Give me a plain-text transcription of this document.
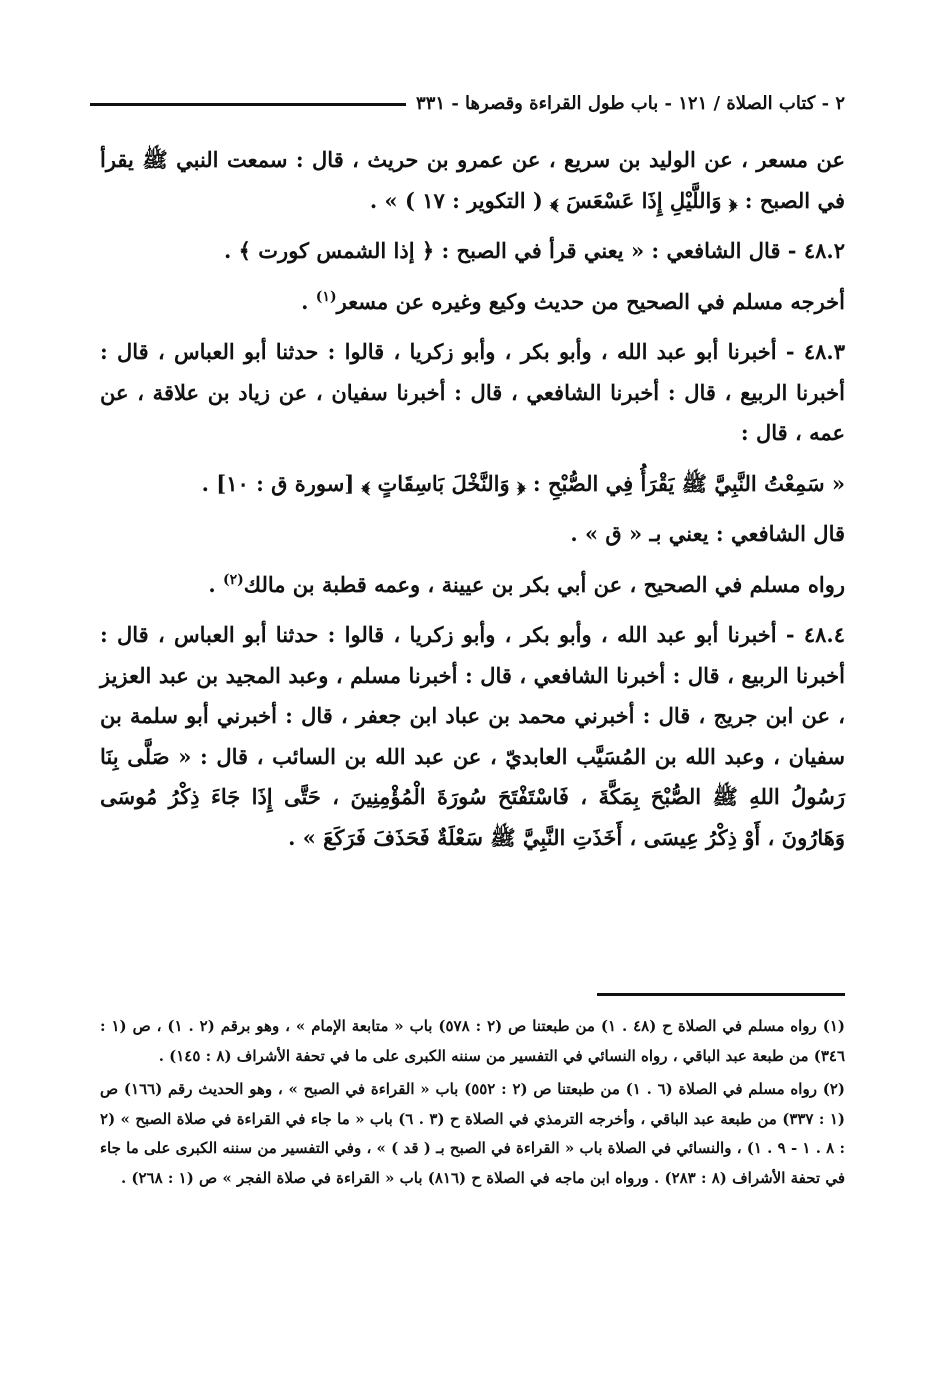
٢ - كتاب الصلاة / ١٢١ - باب طول القراءة وقصرها - ٣٣١

عن مسعر ، عن الوليد بن سريع ، عن عمرو بن حريث ، قال : سمعت النبي ﷺ يقرأ في الصبح : ﴿ وَاللَّيْلِ إِذَا عَسْعَسَ ﴾ ( التكوير : ١٧ ) » .

٤٨.٢ - قال الشافعي : « يعني قرأ في الصبح : ﴿ إذا الشمس كورت ﴾ .

أخرجه مسلم في الصحيح من حديث وكيع وغيره عن مسعر$^{(١)}$ .

٤٨.٣ - أخبرنا أبو عبد الله ، وأبو بكر ، وأبو زكريا ، قالوا : حدثنا أبو العباس ، قال : أخبرنا الربيع ، قال : أخبرنا الشافعي ، قال : أخبرنا سفيان ، عن زياد بن علاقة ، عن عمه ، قال :

« سَمِعْتُ النَّبِيَّ ﷺ يَقْرَأُ فِي الصُّبْحِ : ﴿ وَالنَّخْلَ بَاسِقَاتٍ ﴾ [سورة ق : ١٠] .

قال الشافعي : يعني بـ « ق » .

رواه مسلم في الصحيح ، عن أبي بكر بن عيينة ، وعمه قطبة بن مالك$^{(٢)}$ .

٤٨.٤ - أخبرنا أبو عبد الله ، وأبو بكر ، وأبو زكريا ، قالوا : حدثنا أبو العباس ، قال : أخبرنا الربيع ، قال : أخبرنا الشافعي ، قال : أخبرنا مسلم ، وعبد المجيد بن عبد العزيز ، عن ابن جريج ، قال : أخبرني محمد بن عباد ابن جعفر ، قال : أخبرني أبو سلمة بن سفيان ، وعبد الله بن المُسَيَّب العابديّ ، عن عبد الله بن السائب ، قال : « صَلَّى بِنَا رَسُولُ اللهِ ﷺ الصُّبْحَ بِمَكَّةَ ، فَاسْتَفْتَحَ سُورَةَ الْمُؤْمِنِينَ ، حَتَّى إِذَا جَاءَ ذِكْرُ مُوسَى وَهَارُونَ ، أَوْ ذِكْرُ عِيسَى ، أَخَذَتِ النَّبِيَّ ﷺ سَعْلَةٌ فَحَذَفَ فَرَكَعَ » .

(١) رواه مسلم في الصلاة ح (٤٨ . ١) من طبعتنا ص (٢ : ٥٧٨) باب « متابعة الإمام » ، وهو برقم (٢ . ١) ، ص (١ : ٣٤٦) من طبعة عبد الباقي ، رواه النسائي في التفسير من سننه الكبرى على ما في تحفة الأشراف (٨ : ١٤٥) .

(٢) رواه مسلم في الصلاة (٦ . ١) من طبعتنا ص (٢ : ٥٥٢) باب « القراءة في الصبح » ، وهو الحديث رقم (١٦٦) ص (١ : ٣٣٧) من طبعة عبد الباقي ، وأخرجه الترمذي في الصلاة ح (٣ . ٦) باب « ما جاء في القراءة في صلاة الصبح » (٢ : ٨ . ١ - ٩ . ١) ، والنسائي في الصلاة باب « القراءة في الصبح بـ ( قد ) » ، وفي التفسير من سننه الكبرى على ما جاء في تحفة الأشراف (٨ : ٢٨٣) . ورواه ابن ماجه في الصلاة ح (٨١٦) باب « القراءة في صلاة الفجر » ص (١ : ٢٦٨) .
